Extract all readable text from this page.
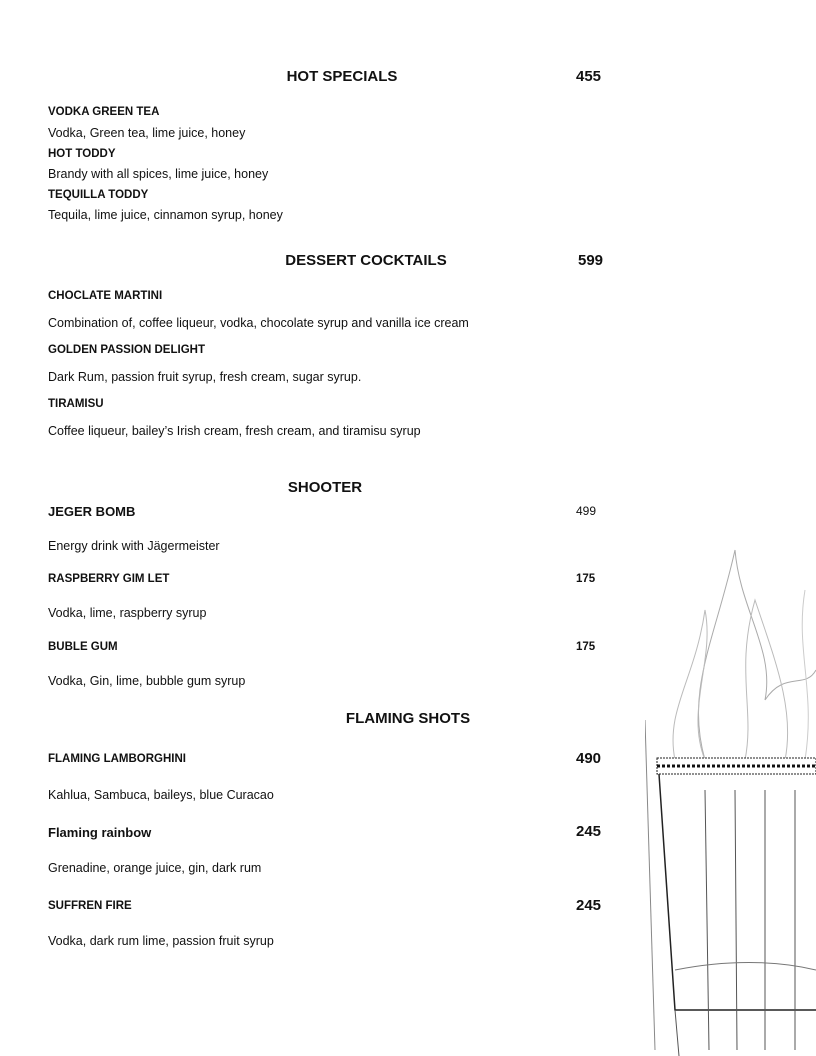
HOT SPECIALS	455
VODKA GREEN TEA
Vodka, Green tea, lime juice, honey
HOT TODDY
Brandy with all spices, lime juice, honey
TEQUILLA TODDY
Tequila, lime juice, cinnamon syrup, honey
DESSERT COCKTAILS	599
CHOCLATE MARTINI
Combination of, coffee liqueur, vodka, chocolate syrup and vanilla ice cream
GOLDEN PASSION DELIGHT
Dark Rum, passion fruit syrup, fresh cream, sugar syrup.
TIRAMISU
Coffee liqueur, bailey’s Irish cream, fresh cream, and tiramisu syrup
SHOOTER
JEGER BOMB	499
Energy drink with Jägermeister
RASPBERRY GIM LET	175
Vodka, lime, raspberry syrup
BUBLE GUM	175
Vodka, Gin, lime, bubble gum syrup
FLAMING SHOTS
FLAMING LAMBORGHINI	490
Kahlua, Sambuca, baileys, blue Curacao
Flaming rainbow	245
Grenadine, orange juice, gin, dark rum
SUFFREN FIRE	245
Vodka, dark rum lime, passion fruit syrup
